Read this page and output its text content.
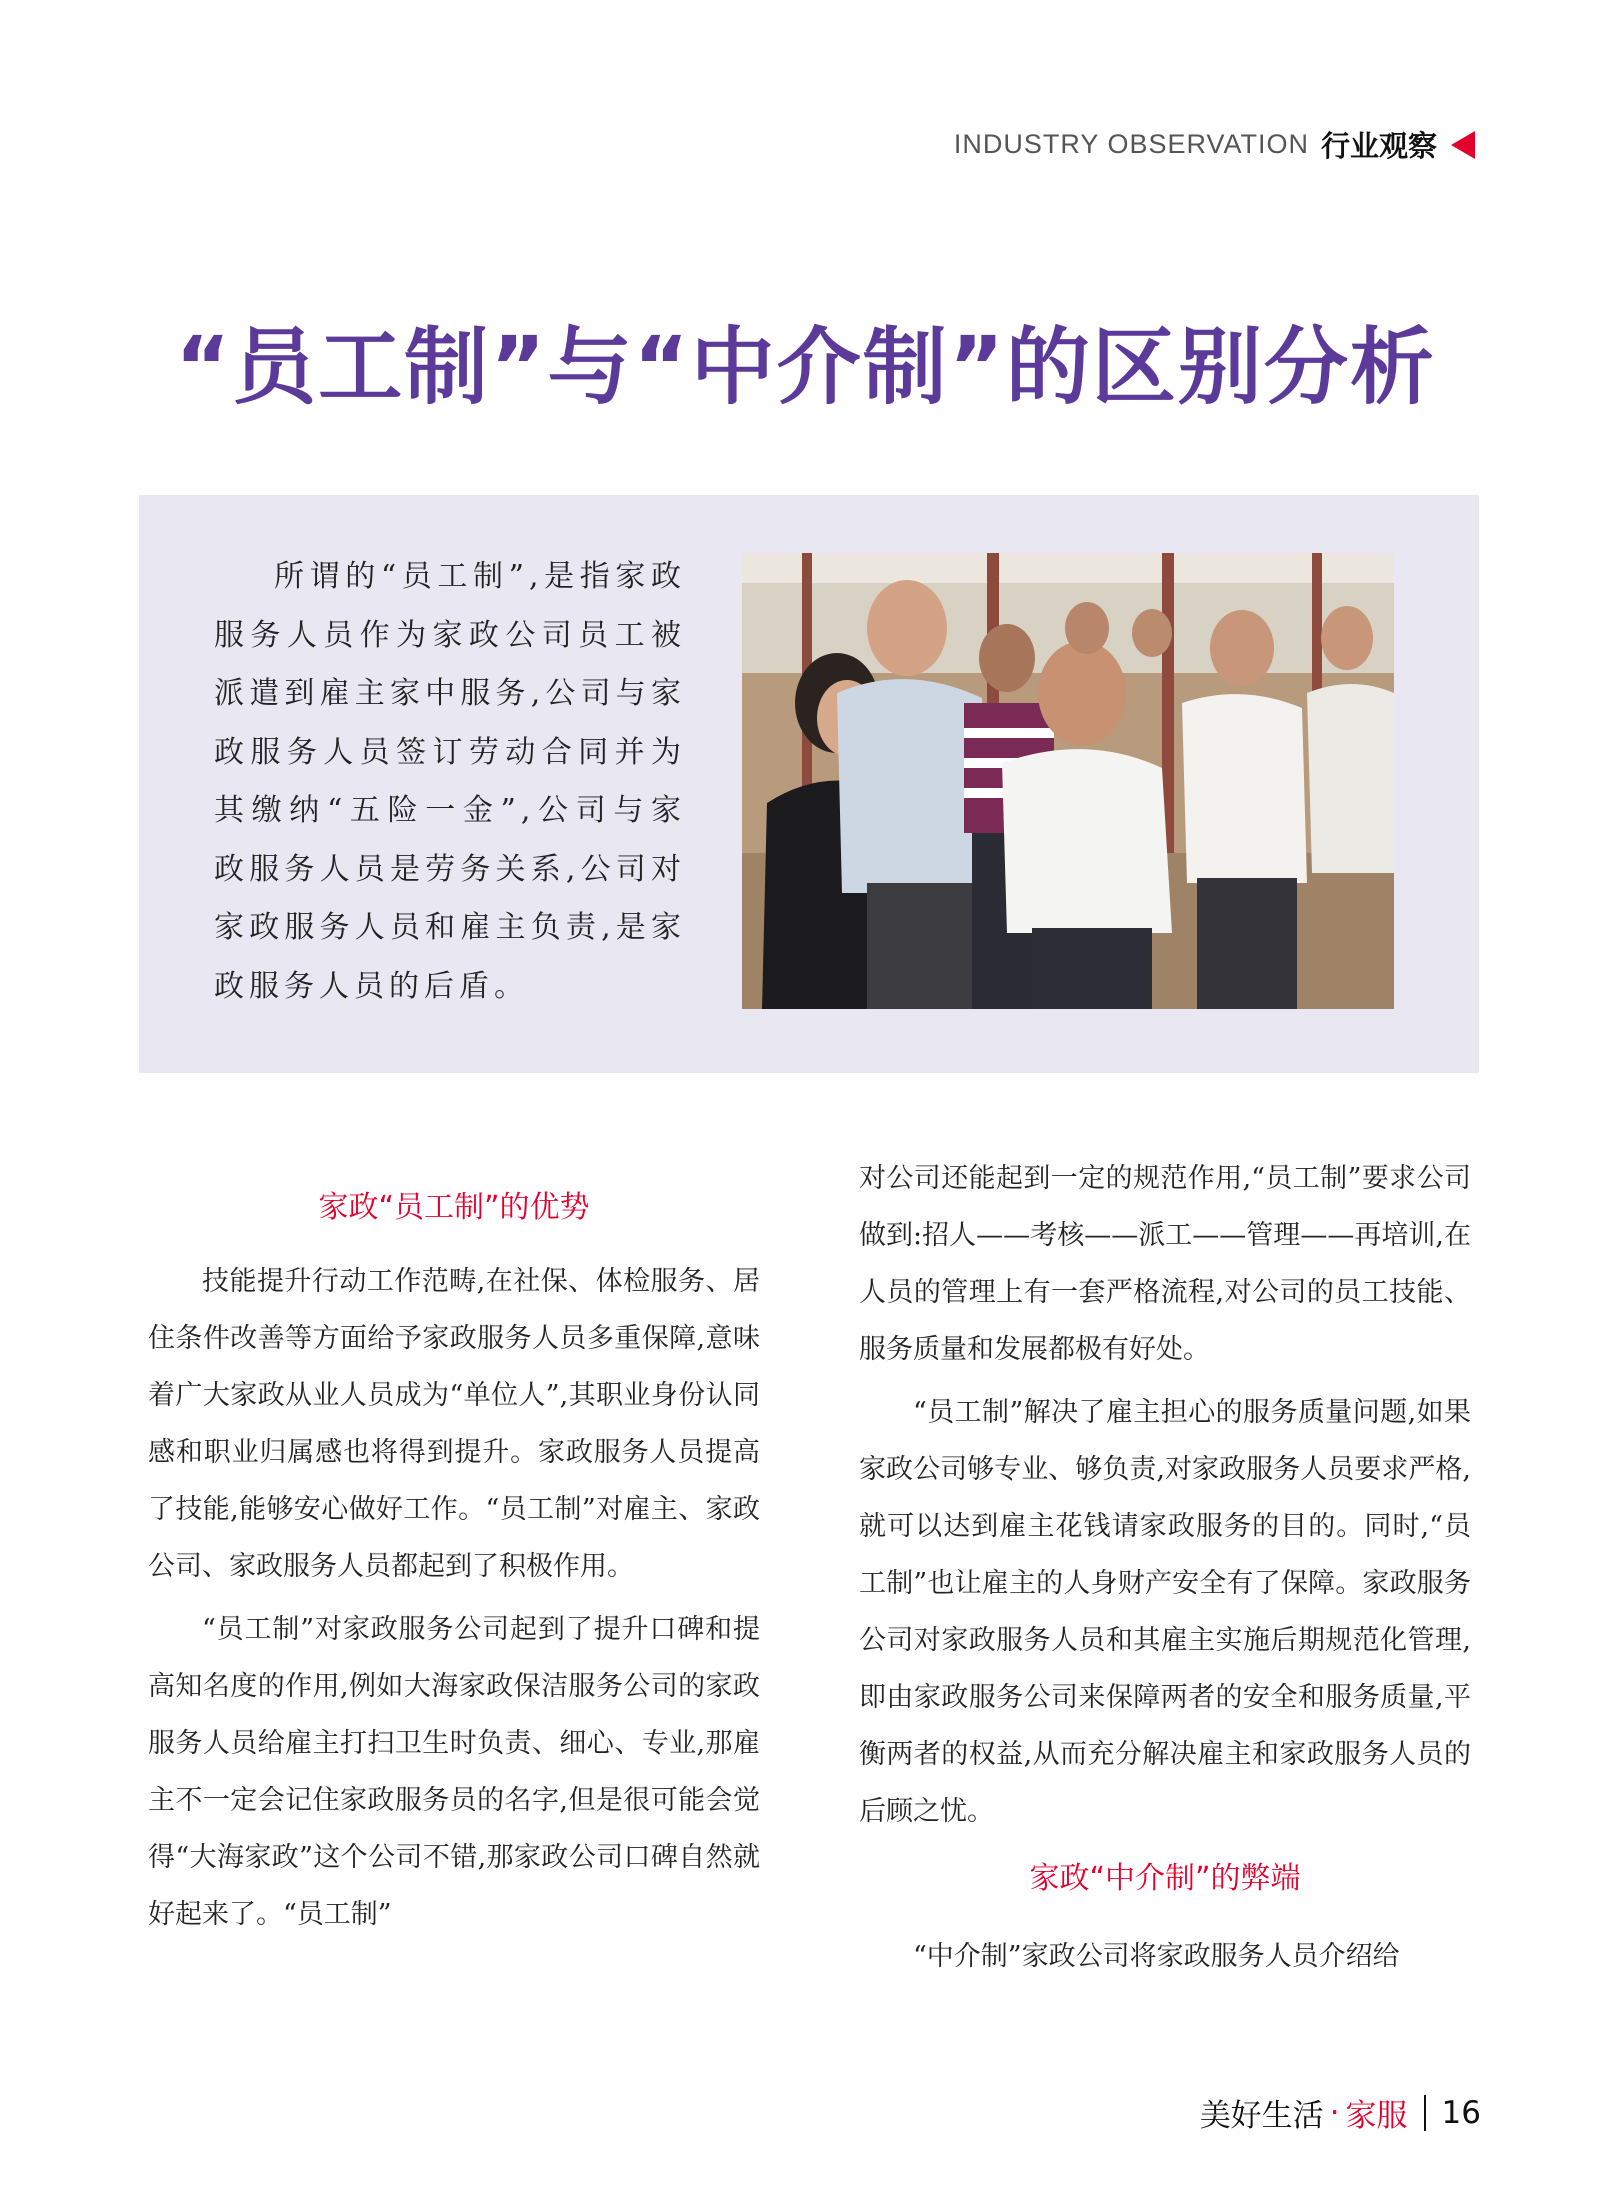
INDUSTRY OBSERVATION 行业观察
“员工制”与“中介制”的区别分析

所谓的“员工制”,是指家政服务人员作为家政公司员工被派遣到雇主家中服务,公司与家政服务人员签订劳动合同并为其缴纳“五险一金”,公司与家政服务人员是劳务关系,公司对家政服务人员和雇主负责,是家政服务人员的后盾。

家政“员工制”的优势

技能提升行动工作范畴,在社保、体检服务、居住条件改善等方面给予家政服务人员多重保障,意味着广大家政从业人员成为“单位人”,其职业身份认同感和职业归属感也将得到提升。家政服务人员提高了技能,能够安心做好工作。“员工制”对雇主、家政公司、家政服务人员都起到了积极作用。

“员工制”对家政服务公司起到了提升口碑和提高知名度的作用,例如大海家政保洁服务公司的家政服务人员给雇主打扫卫生时负责、细心、专业,那雇主不一定会记住家政服务员的名字,但是很可能会觉得“大海家政”这个公司不错,那家政公司口碑自然就好起来了。“员工制”

对公司还能起到一定的规范作用,“员工制”要求公司做到:招人——考核——派工——管理——再培训,在人员的管理上有一套严格流程,对公司的员工技能、服务质量和发展都极有好处。

“员工制”解决了雇主担心的服务质量问题,如果家政公司够专业、够负责,对家政服务人员要求严格,就可以达到雇主花钱请家政服务的目的。同时,“员工制”也让雇主的人身财产安全有了保障。家政服务公司对家政服务人员和其雇主实施后期规范化管理,即由家政服务公司来保障两者的安全和服务质量,平衡两者的权益,从而充分解决雇主和家政服务人员的后顾之忧。

家政“中介制”的弊端

“中介制”家政公司将家政服务人员介绍给

美好生活 · 家服 16
